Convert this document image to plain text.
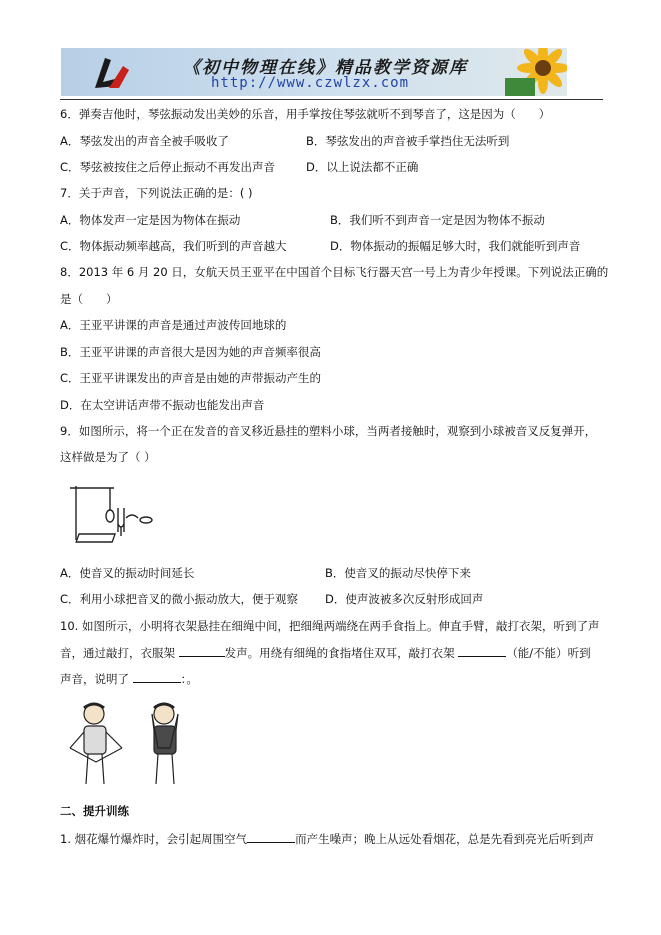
《初中物理在线》精品教学资源库
http://www.czwlzx.com
6．弹奏吉他时，琴弦振动发出美妙的乐音，用手掌按住琴弦就听不到琴音了，这是因为（　　）
A．琴弦发出的声音全被手吸收了	B．琴弦发出的声音被手掌挡住无法听到
C．琴弦被按住之后停止振动不再发出声音	D．以上说法都不正确
7．关于声音，下列说法正确的是：( )
A．物体发声一定是因为物体在振动	B．我们听不到声音一定是因为物体不振动
C．物体振动频率越高，我们听到的声音越大	D．物体振动的振幅足够大时，我们就能听到声音
8．2013 年 6 月 20 日，女航天员王亚平在中国首个目标飞行器天宫一号上为青少年授课。下列说法正确的
是（　　）
A．王亚平讲课的声音是通过声波传回地球的
B．王亚平讲课的声音很大是因为她的声音频率很高
C．王亚平讲课发出的声音是由她的声带振动产生的
D．在太空讲话声带不振动也能发出声音
9．如图所示，将一个正在发音的音叉移近悬挂的塑料小球，当两者接触时，观察到小球被音叉反复弹开，
这样做是为了（ ）
A．使音叉的振动时间延长	B．使音叉的振动尽快停下来
C．利用小球把音叉的微小振动放大，便于观察 D．使声波被多次反射形成回声
10. 如图所示，小明将衣架悬挂在细绳中间，把细绳两端绕在两手食指上。伸直手臂，敲打衣架，听到了声
音，通过敲打，衣服架	发声。用绕有细绳的食指堵住双耳，敲打衣架	（能/不能）听到
声音，说明了	：。
二、提升训练
1. 烟花爆竹爆炸时，会引起周围空气	而产生噪声；晚上从远处看烟花，总是先看到亮光后听到声
